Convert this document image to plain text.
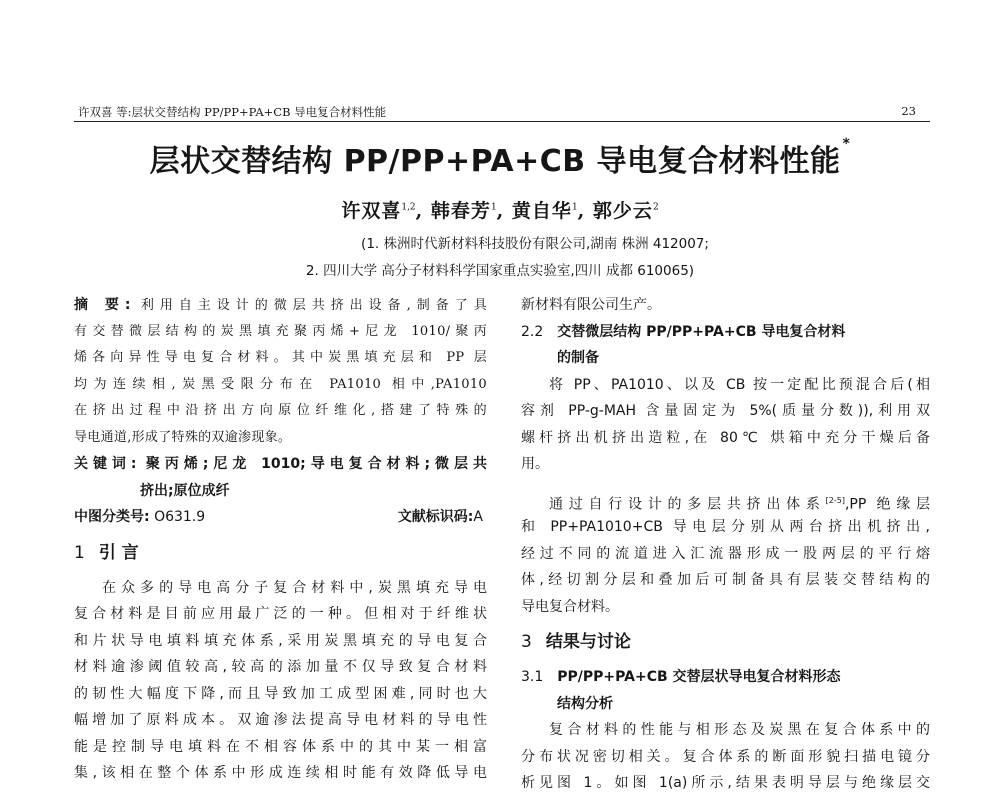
许双喜 等:层状交替结构 PP/PP+PA+CB 导电复合材料性能	23
层状交替结构 PP/PP+PA+CB 导电复合材料性能 *
许双喜$^{1,2}$, 韩春芳$^1$, 黄自华$^1$, 郭少云$^2$
(1. 株洲时代新材料科技股份有限公司,湖南 株洲 412007;
2. 四川大学 高分子材料科学国家重点实验室,四川 成都 610065)
摘 要: 利用自主设计的微层共挤出设备,制备了具
有交替微层结构的炭黑填充聚丙烯+尼龙 1010/聚丙
烯各向异性导电复合材料。其中炭黑填充层和 PP 层
均为连续相,炭黑受限分布在 PA1010 相中,PA1010
在挤出过程中沿挤出方向原位纤维化,搭建了特殊的
导电通道,形成了特殊的双逾渗现象。
关键词: 聚丙烯;尼龙 1010;导电复合材料;微层共
挤出;原位成纤
中图分类号: O631.9	文献标识码:A
1 引 言
在众多的导电高分子复合材料中,炭黑填充导电
复合材料是目前应用最广泛的一种。但相对于纤维状
和片状导电填料填充体系,采用炭黑填充的导电复合
材料逾渗阈值较高,较高的添加量不仅导致复合材料
的韧性大幅度下降,而且导致加工成型困难,同时也大
幅增加了原料成本。双逾渗法提高导电材料的导电性
能是控制导电填料在不相容体系中的其中某一相富
集,该相在整个体系中形成连续相时能有效降低导电
新材料有限公司生产。
2.2 交替微层结构 PP/PP+PA+CB 导电复合材料
的制备
将 PP、PA1010、以及 CB 按一定配比预混合后(相
容剂 PP-g-MAH 含量固定为 5%(质量分数)),利用双
螺杆挤出机挤出造粒,在 80℃ 烘箱中充分干燥后备
用。
通过自行设计的多层共挤出体系[2-5],PP 绝缘层
和 PP+PA1010+CB 导电层分别从两台挤出机挤出,
经过不同的流道进入汇流器形成一股两层的平行熔
体,经切割分层和叠加后可制备具有层装交替结构的
导电复合材料。
3 结果与讨论
3.1 PP/PP+PA+CB 交替层状导电复合材料形态
结构分析
复合材料的性能与相形态及炭黑在复合体系中的
分布状况密切相关。复合体系的断面形貌扫描电镜分
析见图 1。如图 1(a)所示,结果表明导层与绝缘层交
